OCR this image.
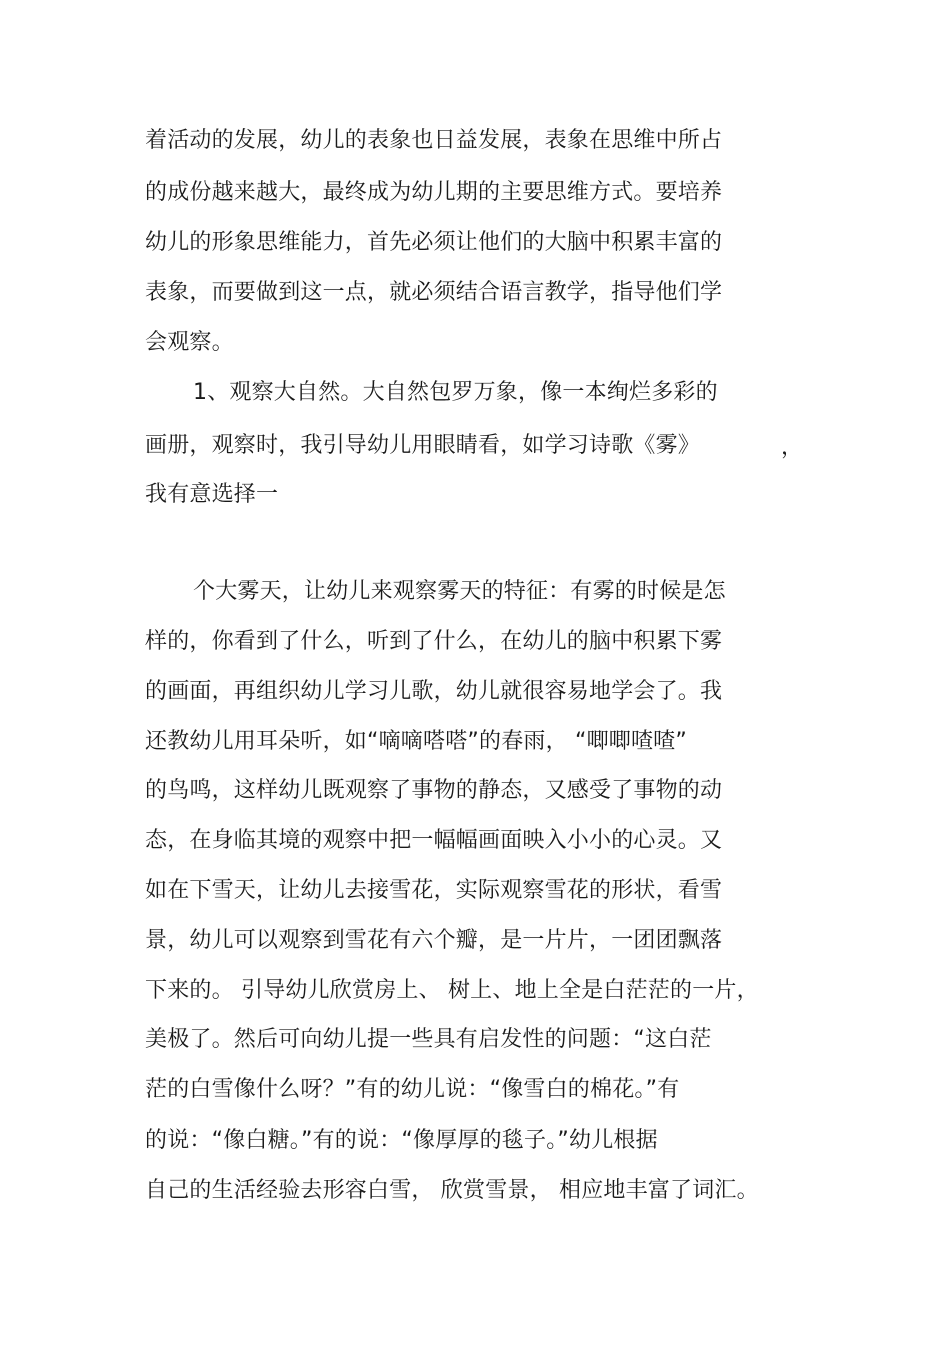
着活动的发展，幼儿的表象也日益发展，表象在思维中所占
的成份越来越大，最终成为幼儿期的主要思维方式。要培养
幼儿的形象思维能力，首先必须让他们的大脑中积累丰富的
表象，而要做到这一点，就必须结合语言教学，指导他们学
会观察。
1、观察大自然。大自然包罗万象，像一本绚烂多彩的
画册，观察时，我引导幼儿用眼睛看，如学习诗歌《雾》	，
我有意选择一
个大雾天，让幼儿来观察雾天的特征：有雾的时候是怎
样的，你看到了什么，听到了什么，在幼儿的脑中积累下雾
的画面，再组织幼儿学习儿歌，幼儿就很容易地学会了。我
还教幼儿用耳朵听，如“嘀嘀嗒嗒”的春雨， “唧唧喳喳”
的鸟鸣，这样幼儿既观察了事物的静态，又感受了事物的动
态，在身临其境的观察中把一幅幅画面映入小小的心灵。又
如在下雪天，让幼儿去接雪花，实际观察雪花的形状，看雪
景，幼儿可以观察到雪花有六个瓣，是一片片，一团团飘落
下来的。 引导幼儿欣赏房上、 树上、地上全是白茫茫的一片，
美极了。然后可向幼儿提一些具有启发性的问题：“这白茫
茫的白雪像什么呀？”有的幼儿说：“像雪白的棉花。”有
的说：“像白糖。”有的说：“像厚厚的毯子。”幼儿根据
自己的生活经验去形容白雪， 欣赏雪景， 相应地丰富了词汇。
